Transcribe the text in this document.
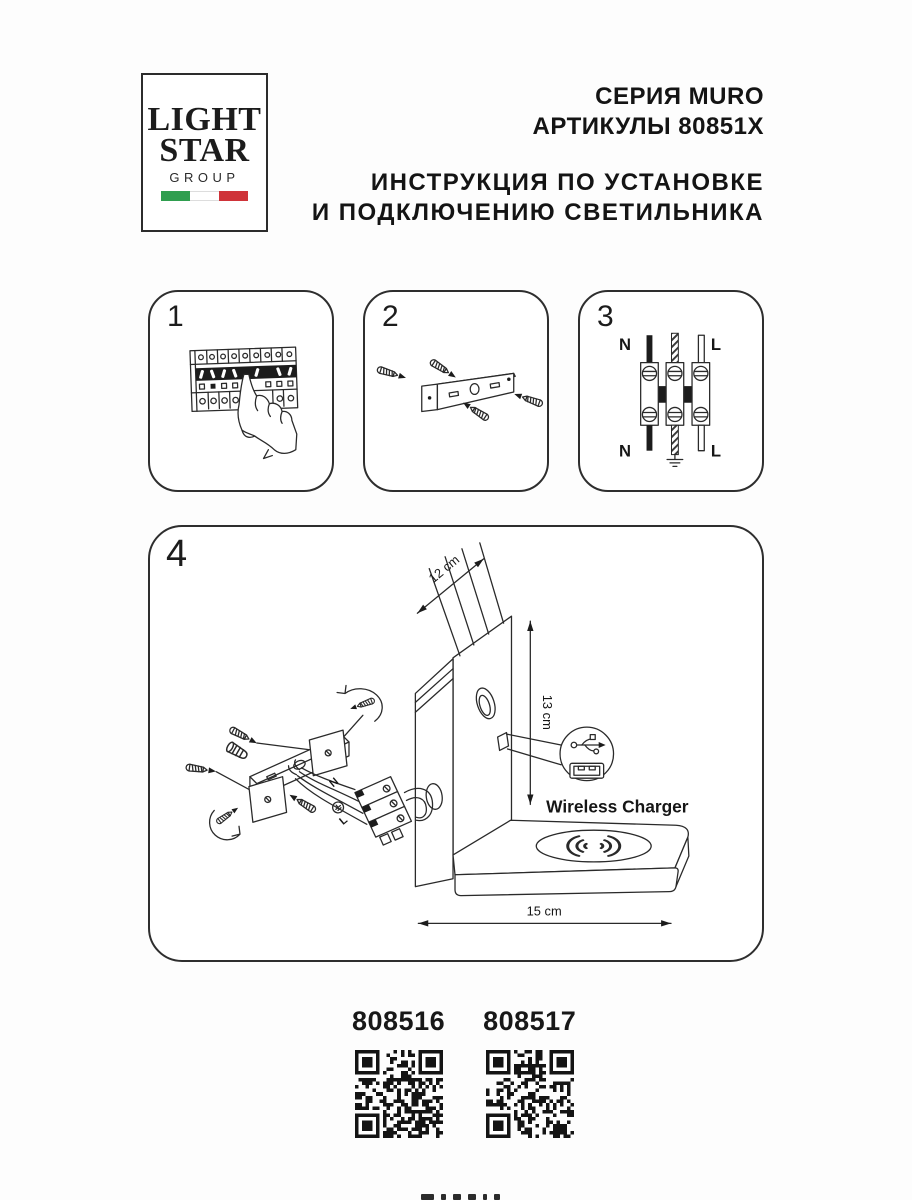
LIGHT
STAR
GROUP
СЕРИЯ MURO
АРТИКУЛЫ 80851X
ИНСТРУКЦИЯ ПО УСТАНОВКЕ
И ПОДКЛЮЧЕНИЮ СВЕТИЛЬНИКА
1	2	3
N	L
N	L
4	12 cm
13 cm
N
L
Wireless Charger
15 cm
808516 808517
